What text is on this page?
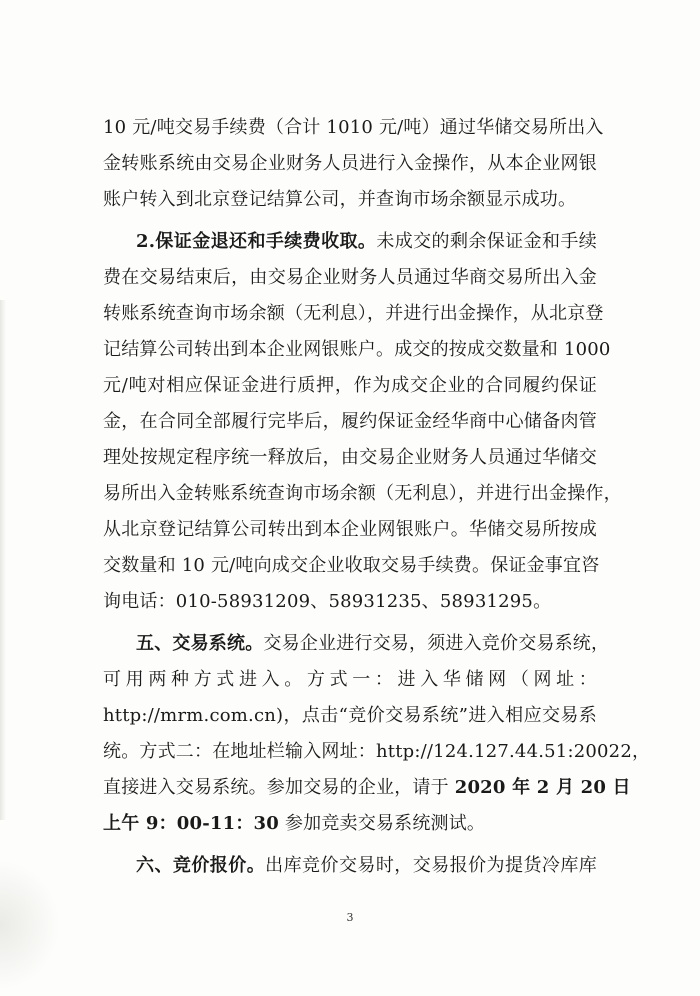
10 元/吨交易手续费（合计 1010 元/吨）通过华储交易所出入
金转账系统由交易企业财务人员进行入金操作，从本企业网银
账户转入到北京登记结算公司，并查询市场余额显示成功。
2.保证金退还和手续费收取。未成交的剩余保证金和手续
费在交易结束后，由交易企业财务人员通过华商交易所出入金
转账系统查询市场余额（无利息），并进行出金操作，从北京登
记结算公司转出到本企业网银账户。成交的按成交数量和 1000
元/吨对相应保证金进行质押，作为成交企业的合同履约保证
金，在合同全部履行完毕后，履约保证金经华商中心储备肉管
理处按规定程序统一释放后，由交易企业财务人员通过华储交
易所出入金转账系统查询市场余额（无利息），并进行出金操作，
从北京登记结算公司转出到本企业网银账户。华储交易所按成
交数量和 10 元/吨向成交企业收取交易手续费。保证金事宜咨
询电话：010-58931209、58931235、58931295。
五、交易系统。交易企业进行交易，须进入竞价交易系统，
可用两种方式进入。方式一：进入华储网（网址：
http://mrm.com.cn)，点击“竞价交易系统”进入相应交易系
统。方式二：在地址栏输入网址：http://124.127.44.51:20022，
直接进入交易系统。参加交易的企业，请于 2020 年 2 月 20 日
上午 9：00-11：30 参加竞卖交易系统测试。
六、竞价报价。出库竞价交易时，交易报价为提货冷库库
3
